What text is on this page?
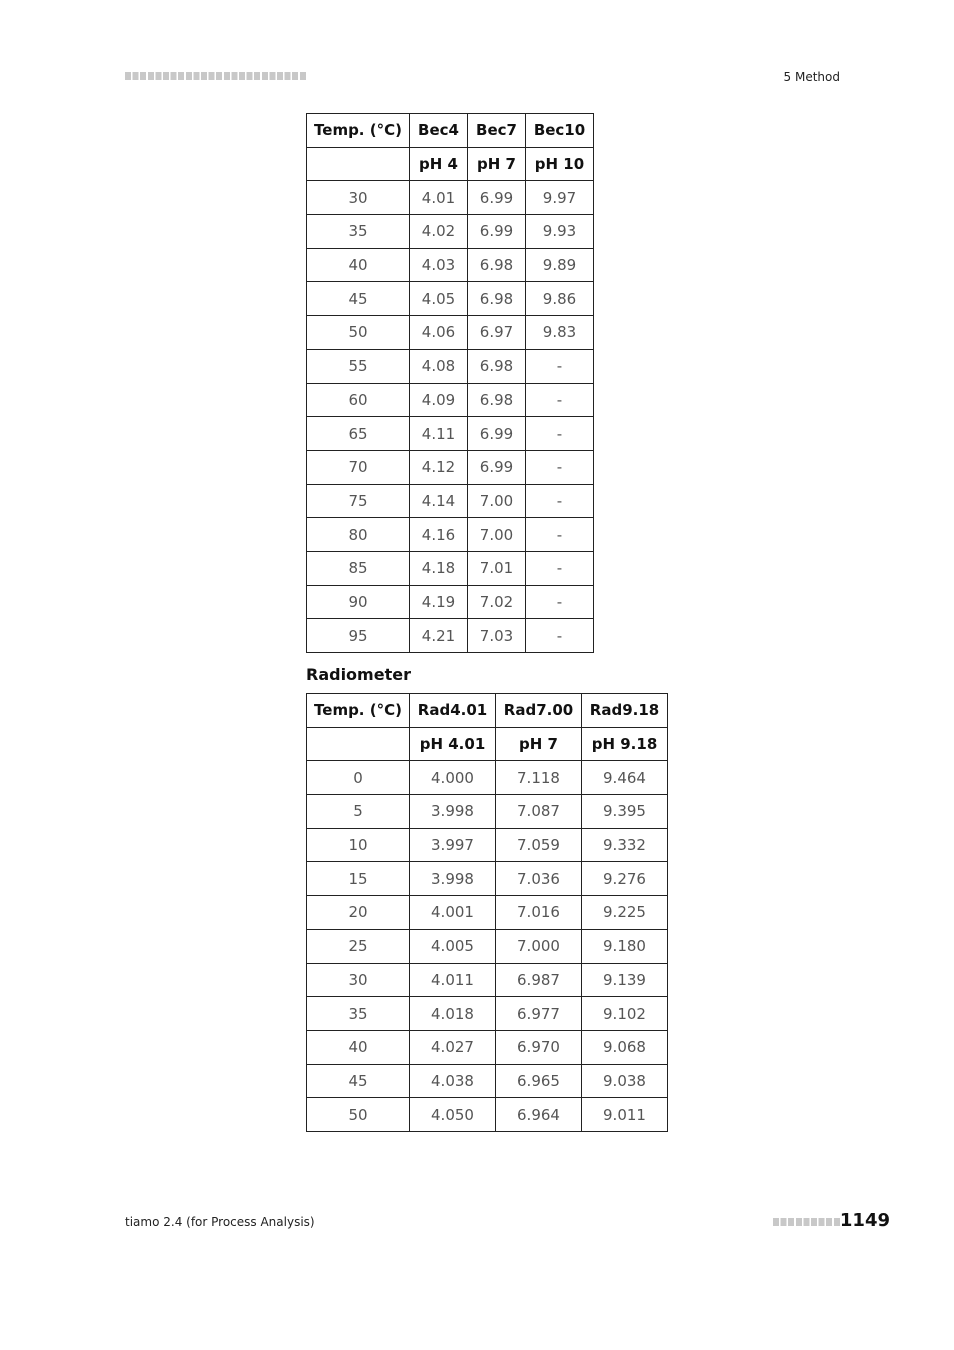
5 Method
Temp. (°C)	Bec4	Bec7	Bec10
	pH 4	pH 7	pH 10
30	4.01	6.99	9.97
35	4.02	6.99	9.93
40	4.03	6.98	9.89
45	4.05	6.98	9.86
50	4.06	6.97	9.83
55	4.08	6.98	-
60	4.09	6.98	-
65	4.11	6.99	-
70	4.12	6.99	-
75	4.14	7.00	-
80	4.16	7.00	-
85	4.18	7.01	-
90	4.19	7.02	-
95	4.21	7.03	-
Radiometer
Temp. (°C)	Rad4.01	Rad7.00	Rad9.18
	pH 4.01	pH 7	pH 9.18
0	4.000	7.118	9.464
5	3.998	7.087	9.395
10	3.997	7.059	9.332
15	3.998	7.036	9.276
20	4.001	7.016	9.225
25	4.005	7.000	9.180
30	4.011	6.987	9.139
35	4.018	6.977	9.102
40	4.027	6.970	9.068
45	4.038	6.965	9.038
50	4.050	6.964	9.011
tiamo 2.4 (for Process Analysis)	1149
